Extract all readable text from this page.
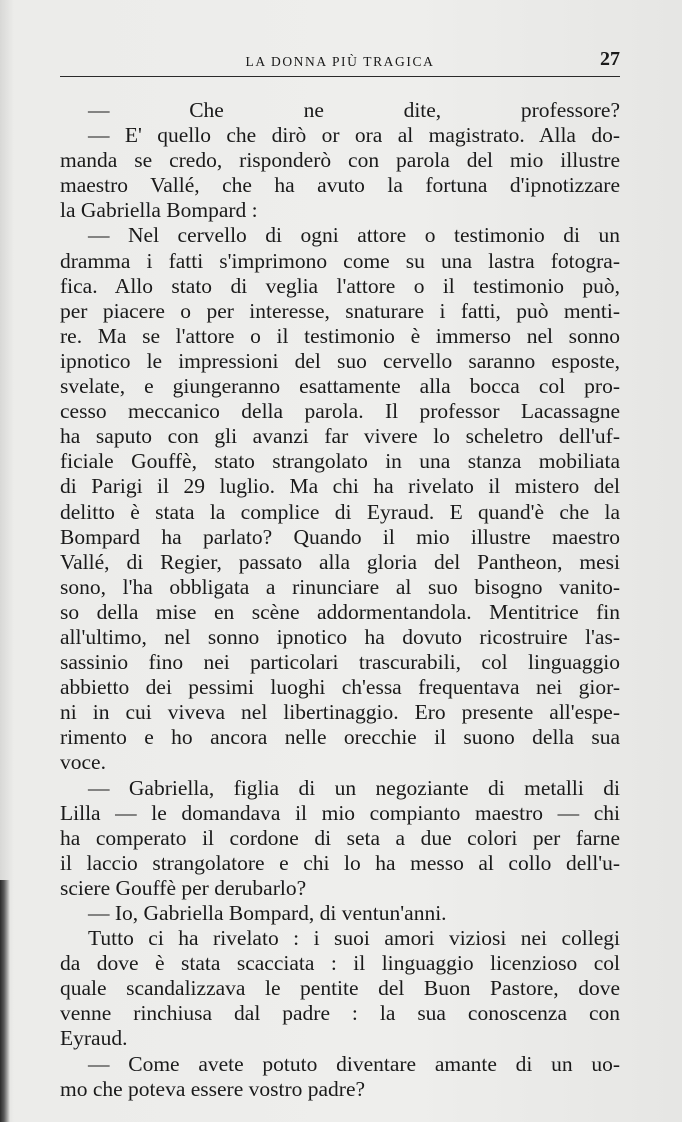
LA DONNA PIÙ TRAGICA	27
— Che ne dite, professore?
— E' quello che dirò or ora al magistrato. Alla do-
manda se credo, risponderò con parola del mio illustre
maestro Vallé, che ha avuto la fortuna d'ipnotizzare
la Gabriella Bompard :
— Nel cervello di ogni attore o testimonio di un
dramma i fatti s'imprimono come su una lastra fotogra-
fica. Allo stato di veglia l'attore o il testimonio può,
per piacere o per interesse, snaturare i fatti, può menti-
re. Ma se l'attore o il testimonio è immerso nel sonno
ipnotico le impressioni del suo cervello saranno esposte,
svelate, e giungeranno esattamente alla bocca col pro-
cesso meccanico della parola. Il professor Lacassagne
ha saputo con gli avanzi far vivere lo scheletro dell'uf-
ficiale Gouffè, stato strangolato in una stanza mobiliata
di Parigi il 29 luglio. Ma chi ha rivelato il mistero del
delitto è stata la complice di Eyraud. E quand'è che la
Bompard ha parlato? Quando il mio illustre maestro
Vallé, di Regier, passato alla gloria del Pantheon, mesi
sono, l'ha obbligata a rinunciare al suo bisogno vanito-
so della mise en scène addormentandola. Mentitrice fin
all'ultimo, nel sonno ipnotico ha dovuto ricostruire l'as-
sassinio fino nei particolari trascurabili, col linguaggio
abbietto dei pessimi luoghi ch'essa frequentava nei gior-
ni in cui viveva nel libertinaggio. Ero presente all'espe-
rimento e ho ancora nelle orecchie il suono della sua
voce.
— Gabriella, figlia di un negoziante di metalli di
Lilla — le domandava il mio compianto maestro — chi
ha comperato il cordone di seta a due colori per farne
il laccio strangolatore e chi lo ha messo al collo dell'u-
sciere Gouffè per derubarlo?
— Io, Gabriella Bompard, di ventun'anni.
Tutto ci ha rivelato : i suoi amori viziosi nei collegi
da dove è stata scacciata : il linguaggio licenzioso col
quale scandalizzava le pentite del Buon Pastore, dove
venne rinchiusa dal padre : la sua conoscenza con
Eyraud.
— Come avete potuto diventare amante di un uo-
mo che poteva essere vostro padre?
